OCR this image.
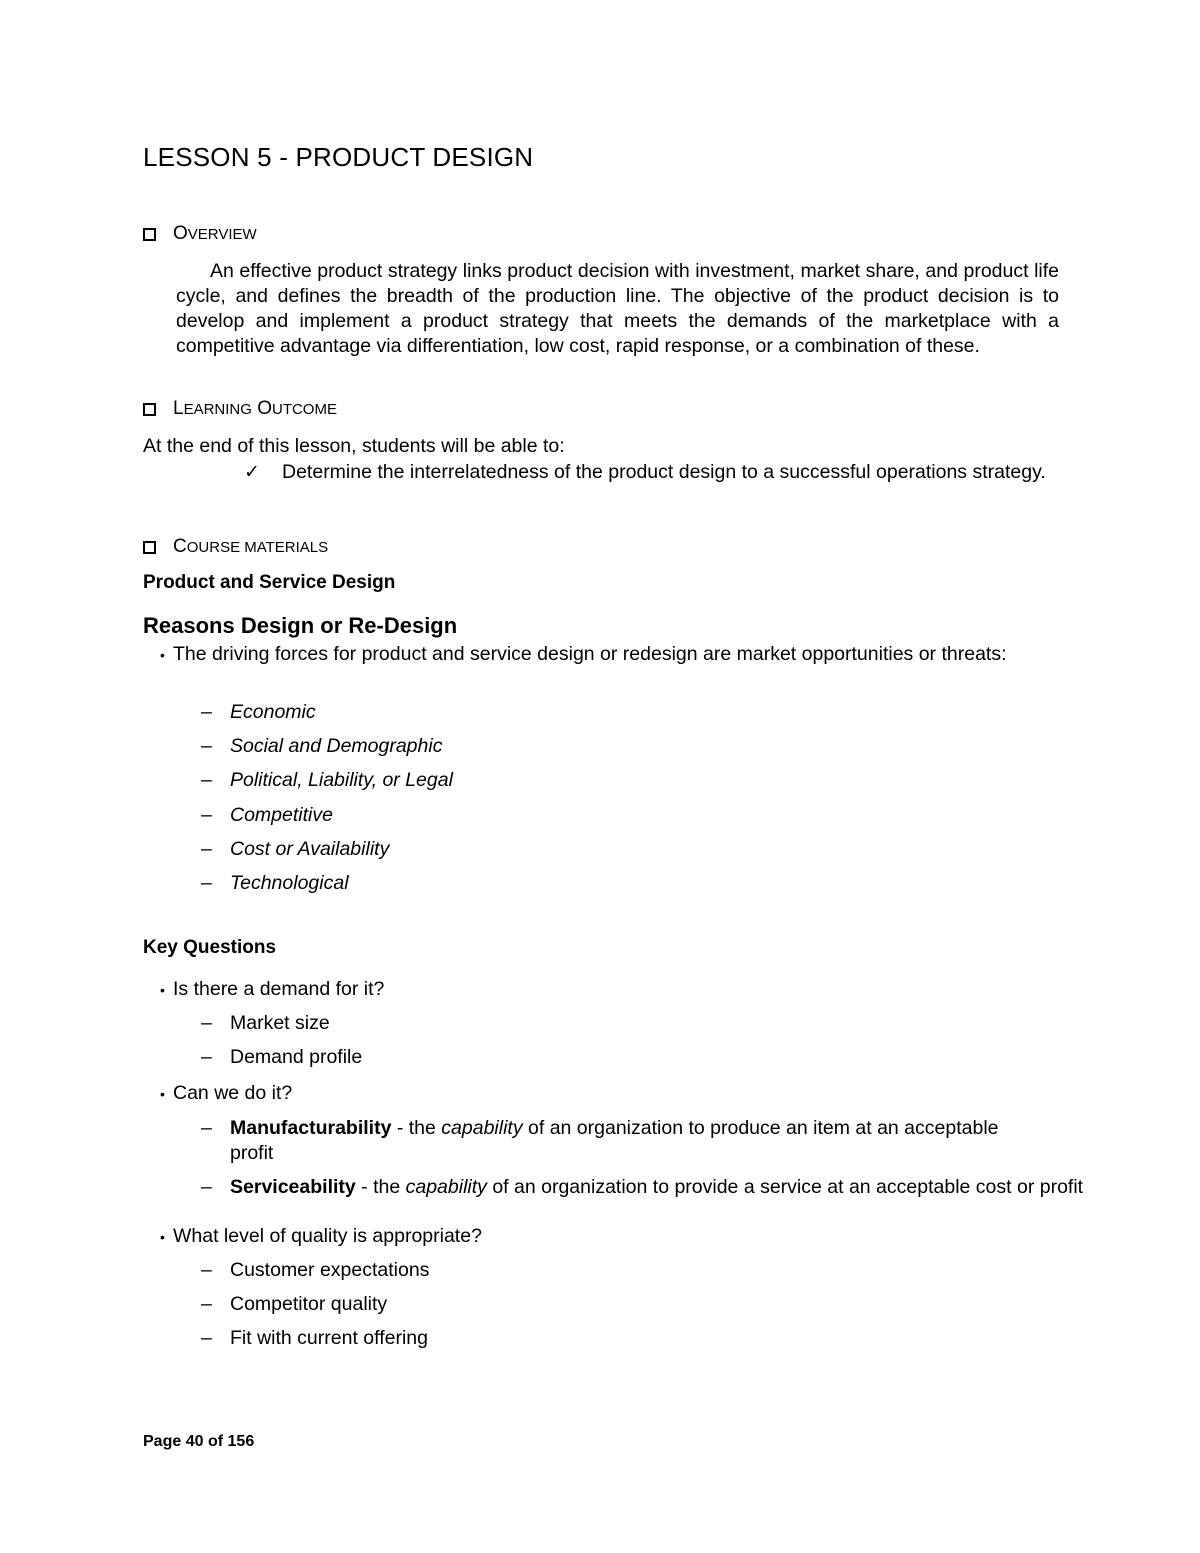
LESSON 5 - PRODUCT DESIGN
O VERVIEW

An effective product strategy links product decision with investment, market share, and product life cycle, and defines the breadth of the production line. The objective of the product decision is to develop and implement a product strategy that meets the demands of the marketplace with a competitive advantage via differentiation, low cost, rapid response, or a combination of these.

L EARNING
O UTCOME
At the end of this lesson, students will be able to:
✓ Determine the interrelatedness of the product design to a successful operations strategy.
C OURSE MATERIALS
Product and Service Design
Reasons Design or Re-Design
• The driving forces for product and service design or redesign are market opportunities or threats:
– Economic
– Social and Demographic
– Political, Liability, or Legal
– Competitive
– Cost or Availability
– Technological
Key Questions
• Is there a demand for it?
– Market size
– Demand profile
• Can we do it?
– Manufacturability - the capability of an organization to produce an item at an acceptable profit
– Serviceability - the capability of an organization to provide a service at an acceptable cost or profit
• What level of quality is appropriate?
– Customer expectations
– Competitor quality
– Fit with current offering
Page 40 of 156
